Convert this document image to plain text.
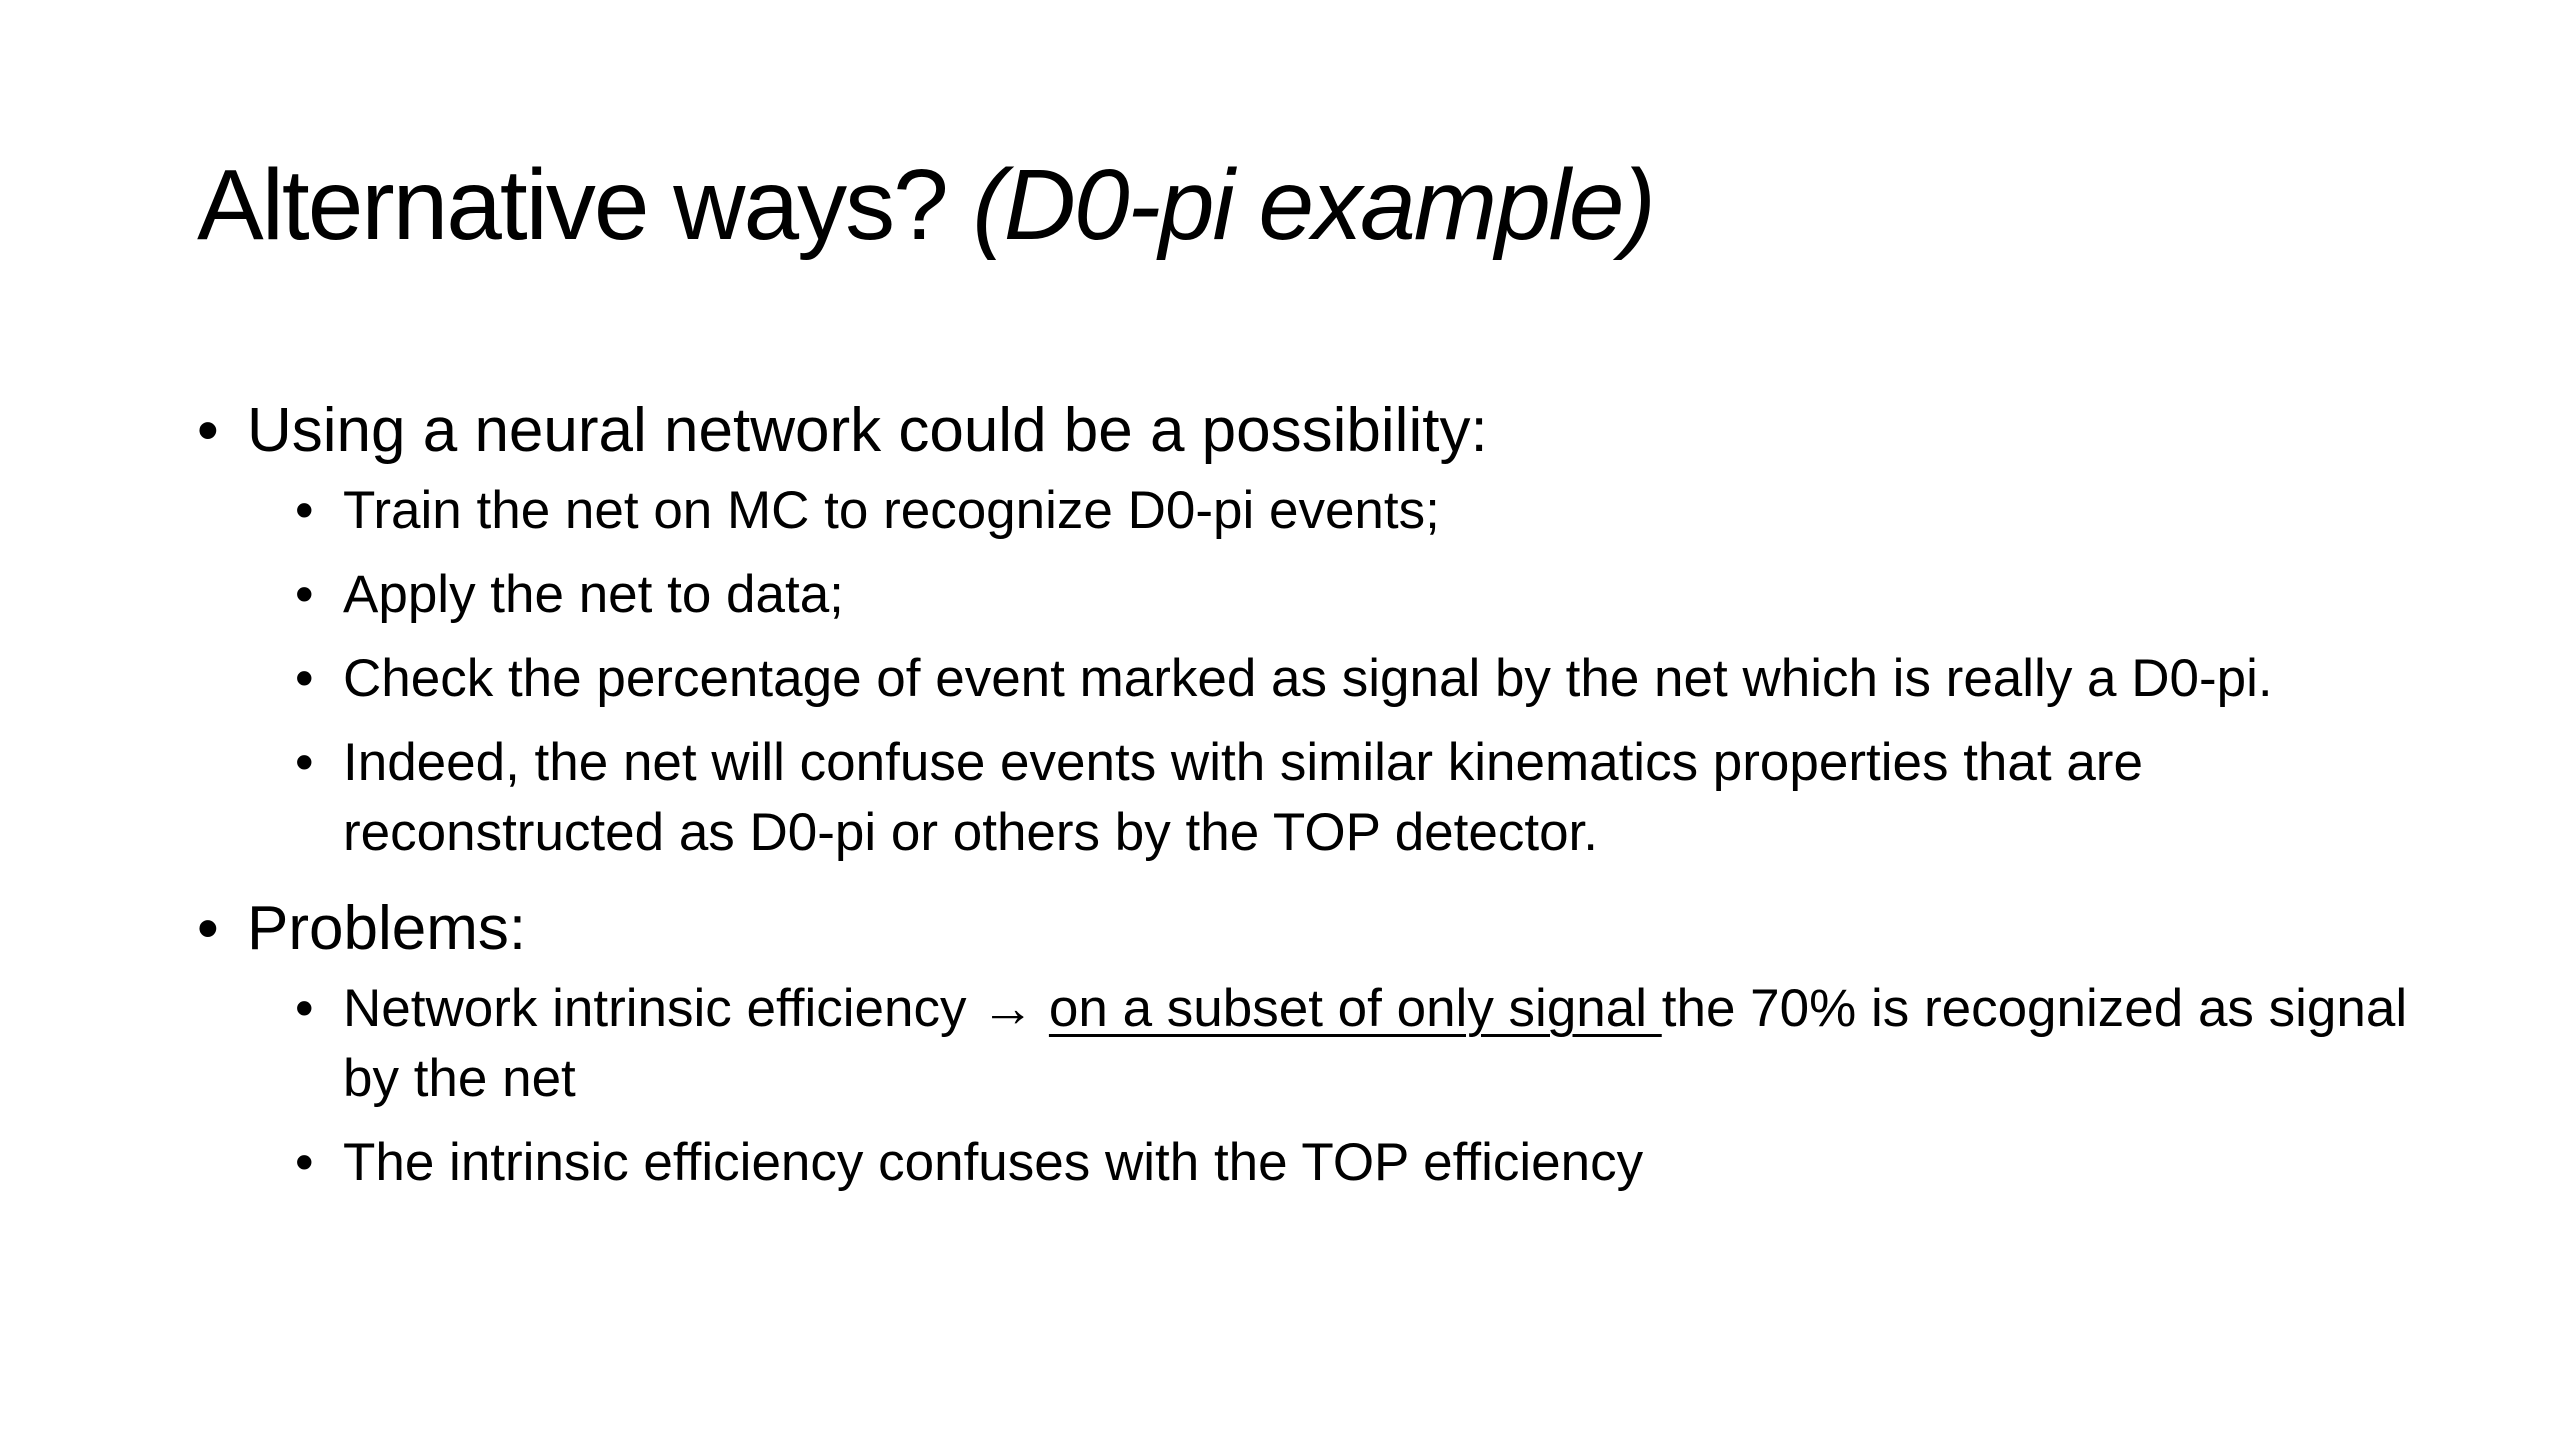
Alternative ways? (D0-pi example)

• Using a neural network could be a possibility:

• Train the net on MC to recognize D0-pi events;

• Apply the net to data;

• Check the percentage of event marked as signal by the net which is really a D0-pi.

• Indeed, the net will confuse events with similar kinematics properties that are reconstructed as D0-pi or others by the TOP detector.

• Problems:

• Network intrinsic efficiency → on a subset of only signal the 70% is recognized as signal by the net

• The intrinsic efficiency confuses with the TOP efficiency
